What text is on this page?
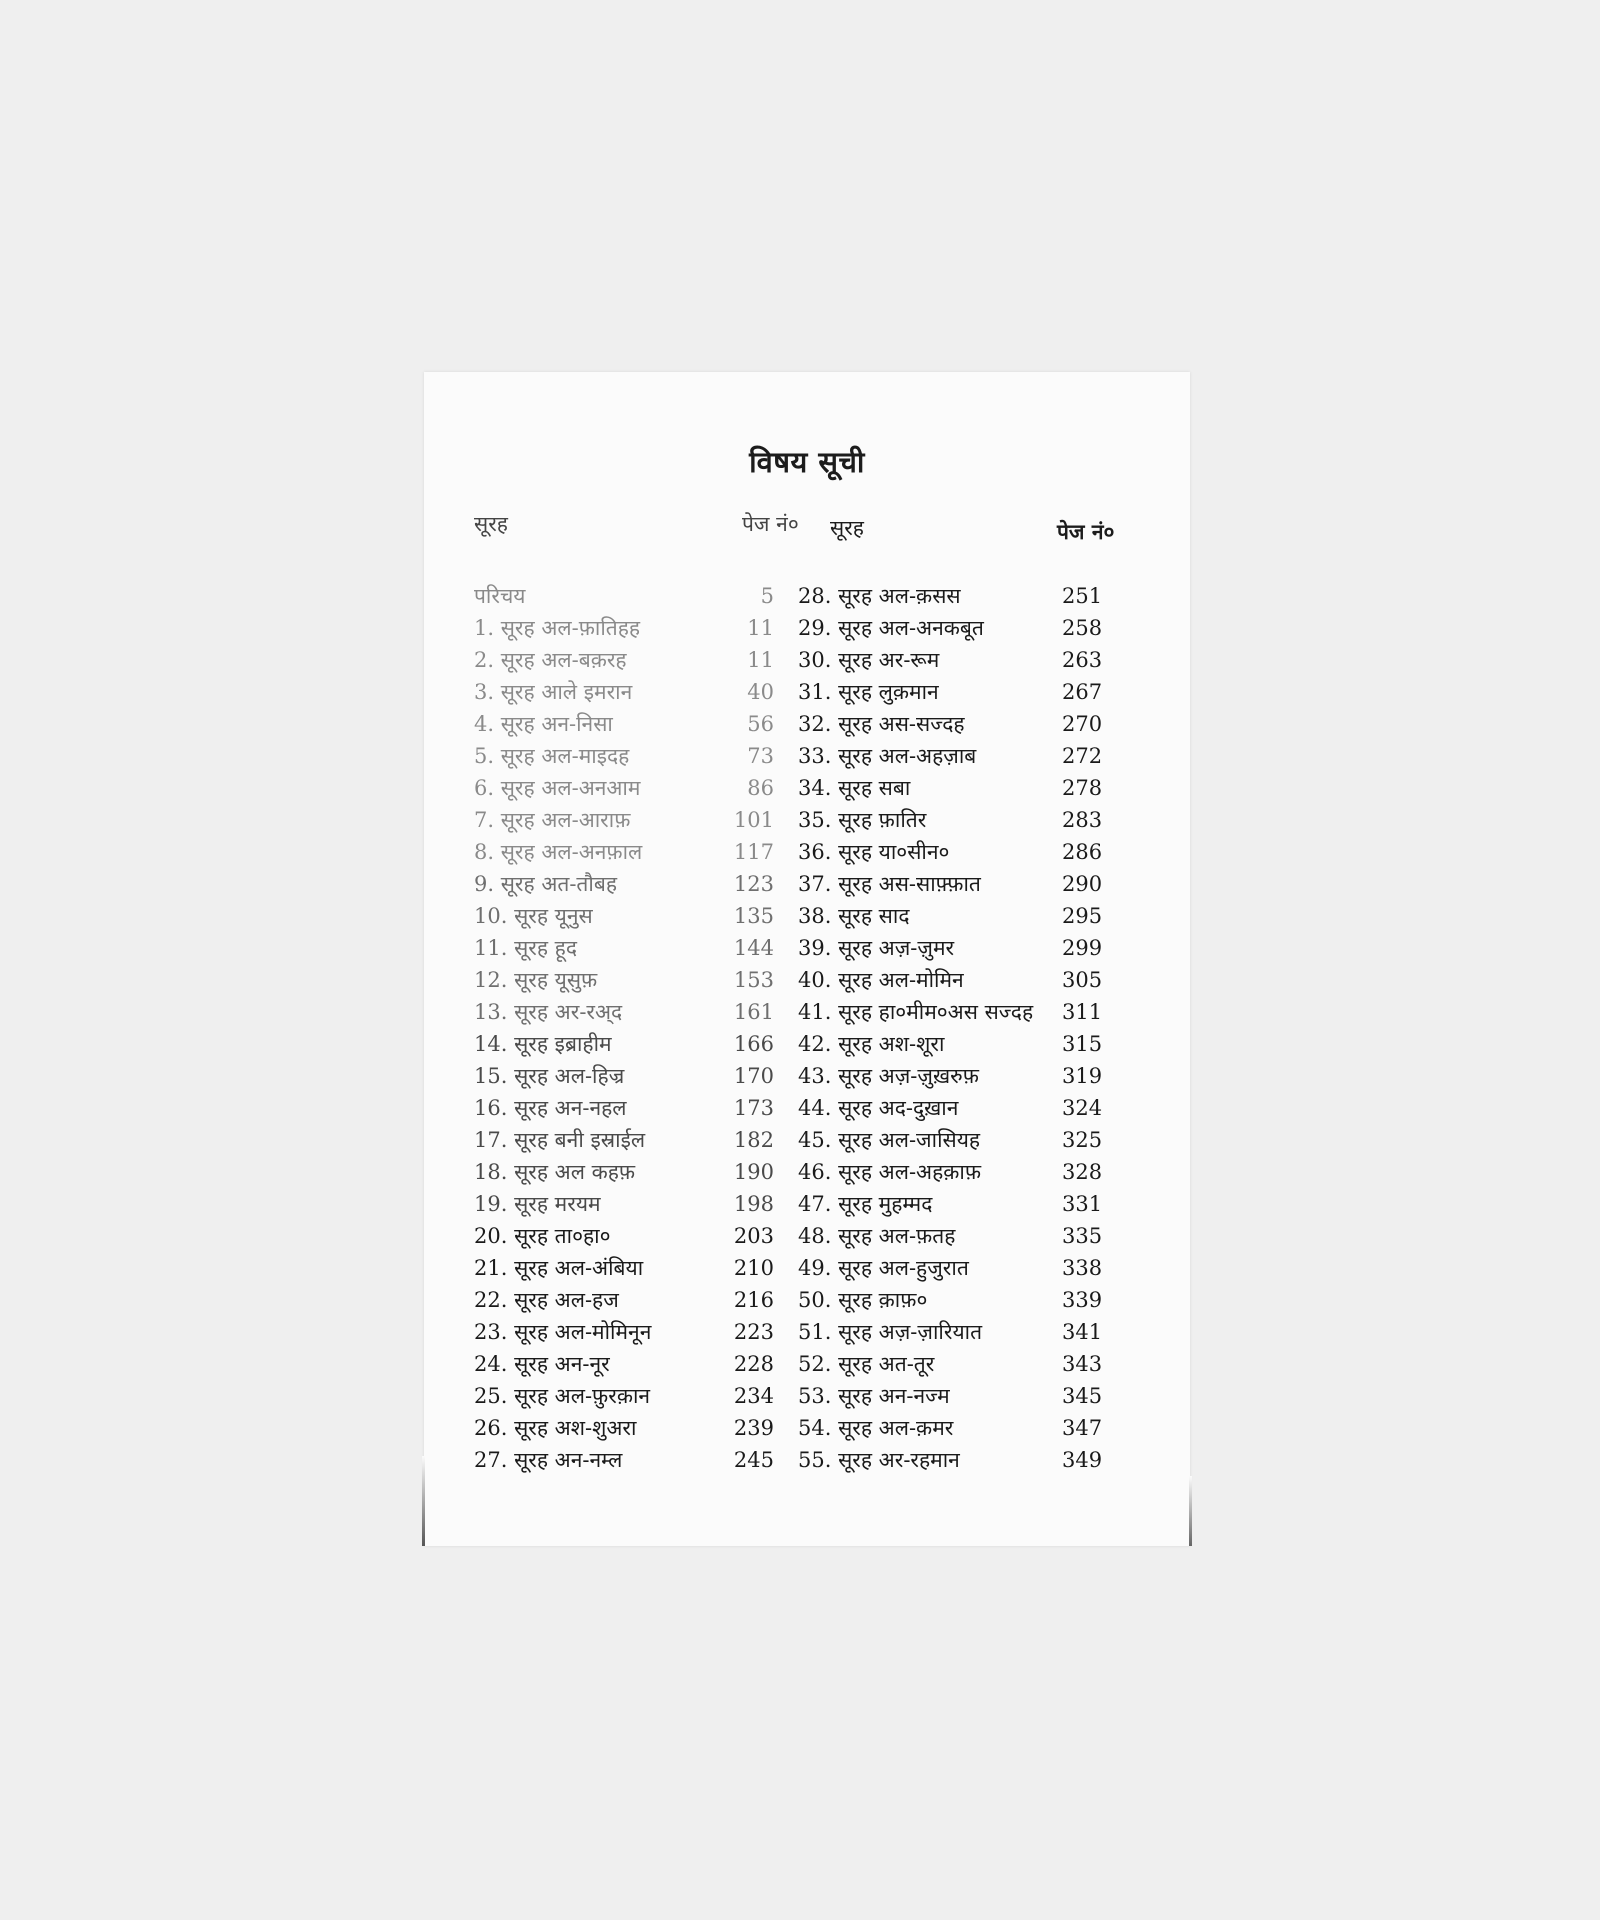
विषय सूची
सूरह	पेज नं० सूरह	पेज नं०
परिचय	5
1. सूरह अल-फ़ातिहह	11
2. सूरह अल-बक़रह	11
3. सूरह आले इमरान	40
4. सूरह अन-निसा	56
5. सूरह अल-माइदह	73
6. सूरह अल-अनआम	86
7. सूरह अल-आराफ़	101
8. सूरह अल-अनफ़ाल	117
9. सूरह अत-तौबह	123
10. सूरह यूनुस	135
11. सूरह हूद	144
12. सूरह यूसुफ़	153
13. सूरह अर-रअ्द	161
14. सूरह इब्राहीम	166
15. सूरह अल-हिज्र	170
16. सूरह अन-नहल	173
17. सूरह बनी इस्राईल	182
18. सूरह अल कहफ़	190
19. सूरह मरयम	198
20. सूरह ता०हा०	203
21. सूरह अल-अंबिया	210
22. सूरह अल-हज	216
23. सूरह अल-मोमिनून	223
24. सूरह अन-नूर	228
25. सूरह अल-फ़ुरक़ान	234
26. सूरह अश-शुअरा	239
27. सूरह अन-नम्ल	245
28. सूरह अल-क़सस	251
29. सूरह अल-अनकबूत	258
30. सूरह अर-रूम	263
31. सूरह लुक़मान	267
32. सूरह अस-सज्दह	270
33. सूरह अल-अहज़ाब	272
34. सूरह सबा	278
35. सूरह फ़ातिर	283
36. सूरह या०सीन०	286
37. सूरह अस-साफ़्फ़ात	290
38. सूरह साद	295
39. सूरह अज़-ज़ुमर	299
40. सूरह अल-मोमिन	305
41. सूरह हा०मीम०अस सज्दह	311
42. सूरह अश-शूरा	315
43. सूरह अज़-ज़ुख़रुफ़	319
44. सूरह अद-दुख़ान	324
45. सूरह अल-जासियह	325
46. सूरह अल-अहक़ाफ़	328
47. सूरह मुहम्मद	331
48. सूरह अल-फ़तह	335
49. सूरह अल-हुजुरात	338
50. सूरह क़ाफ़०	339
51. सूरह अज़-ज़ारियात	341
52. सूरह अत-तूर	343
53. सूरह अन-नज्म	345
54. सूरह अल-क़मर	347
55. सूरह अर-रहमान	349
